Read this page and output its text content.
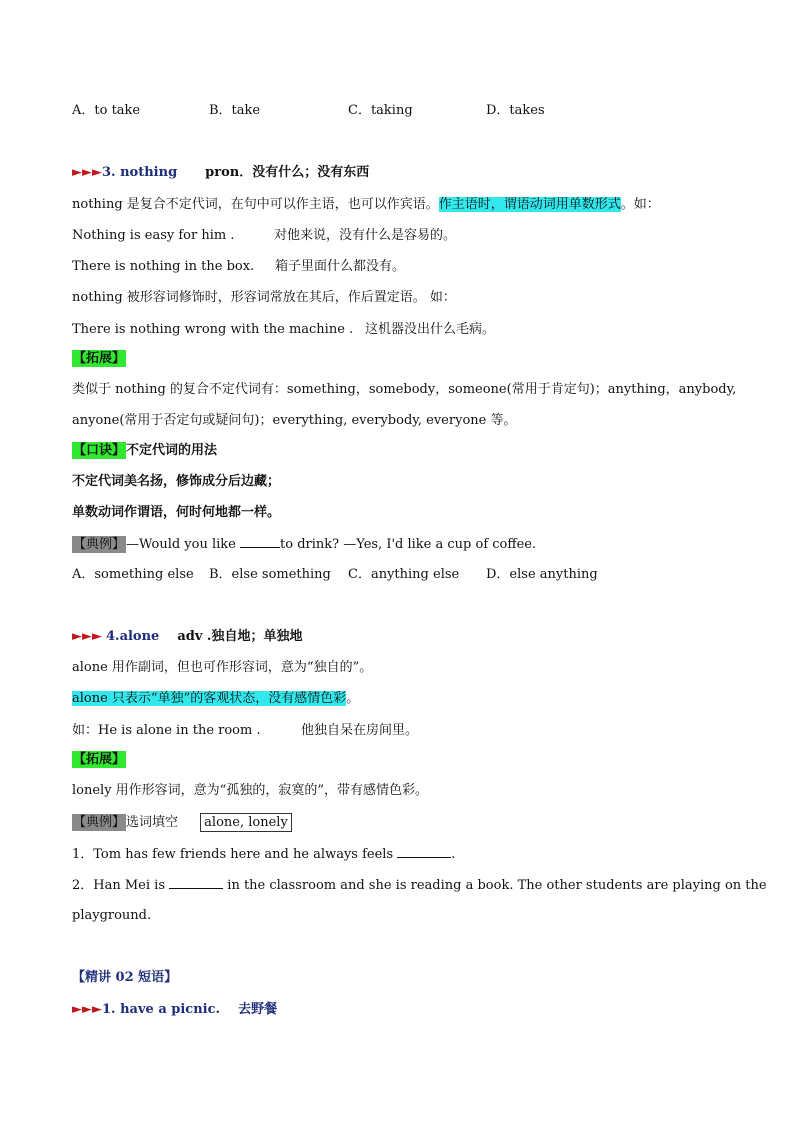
A．to take	B．take	C．taking	D．takes
►►►3. nothing pron．没有什么；没有东西
nothing 是复合不定代词，在句中可以作主语，也可以作宾语。作主语时，谓语动词用单数形式。如：
Nothing is easy for him .	对他来说，没有什么是容易的。
There is nothing in the box. 箱子里面什么都没有。
nothing 被形容词修饰时，形容词常放在其后，作后置定语。 如：
There is nothing wrong with the machine . 这机器没出什么毛病。
【拓展】
类似于 nothing 的复合不定代词有：something，somebody，someone(常用于肯定句)；anything，anybody,
anyone(常用于否定句或疑问句)；everything, everybody, everyone 等。
【口诀】不定代词的用法
不定代词美名扬，修饰成分后边藏；
单数动词作谓语，何时何地都一样。
【典例】—Would you like	to drink? —Yes, I'd like a cup of coffee.
A．something else B．else something C．anything else D．else anything
►►► 4.alone adv .独自地；单独地
alone 用作副词，但也可作形容词，意为“独自的”。
alone 只表示“单独”的客观状态，没有感情色彩。
如：He is alone in the room .	他独自呆在房间里。
【拓展】
lonely 用作形容词，意为“孤独的，寂寞的”，带有感情色彩。
【典例】选词填空 alone, lonely
1．Tom has few friends here and he always feels	.
2．Han Mei is	in the classroom and she is reading a book. The other students are playing on the
playground.
【精讲 02 短语】
►►►1. have a picnic. 去野餐
